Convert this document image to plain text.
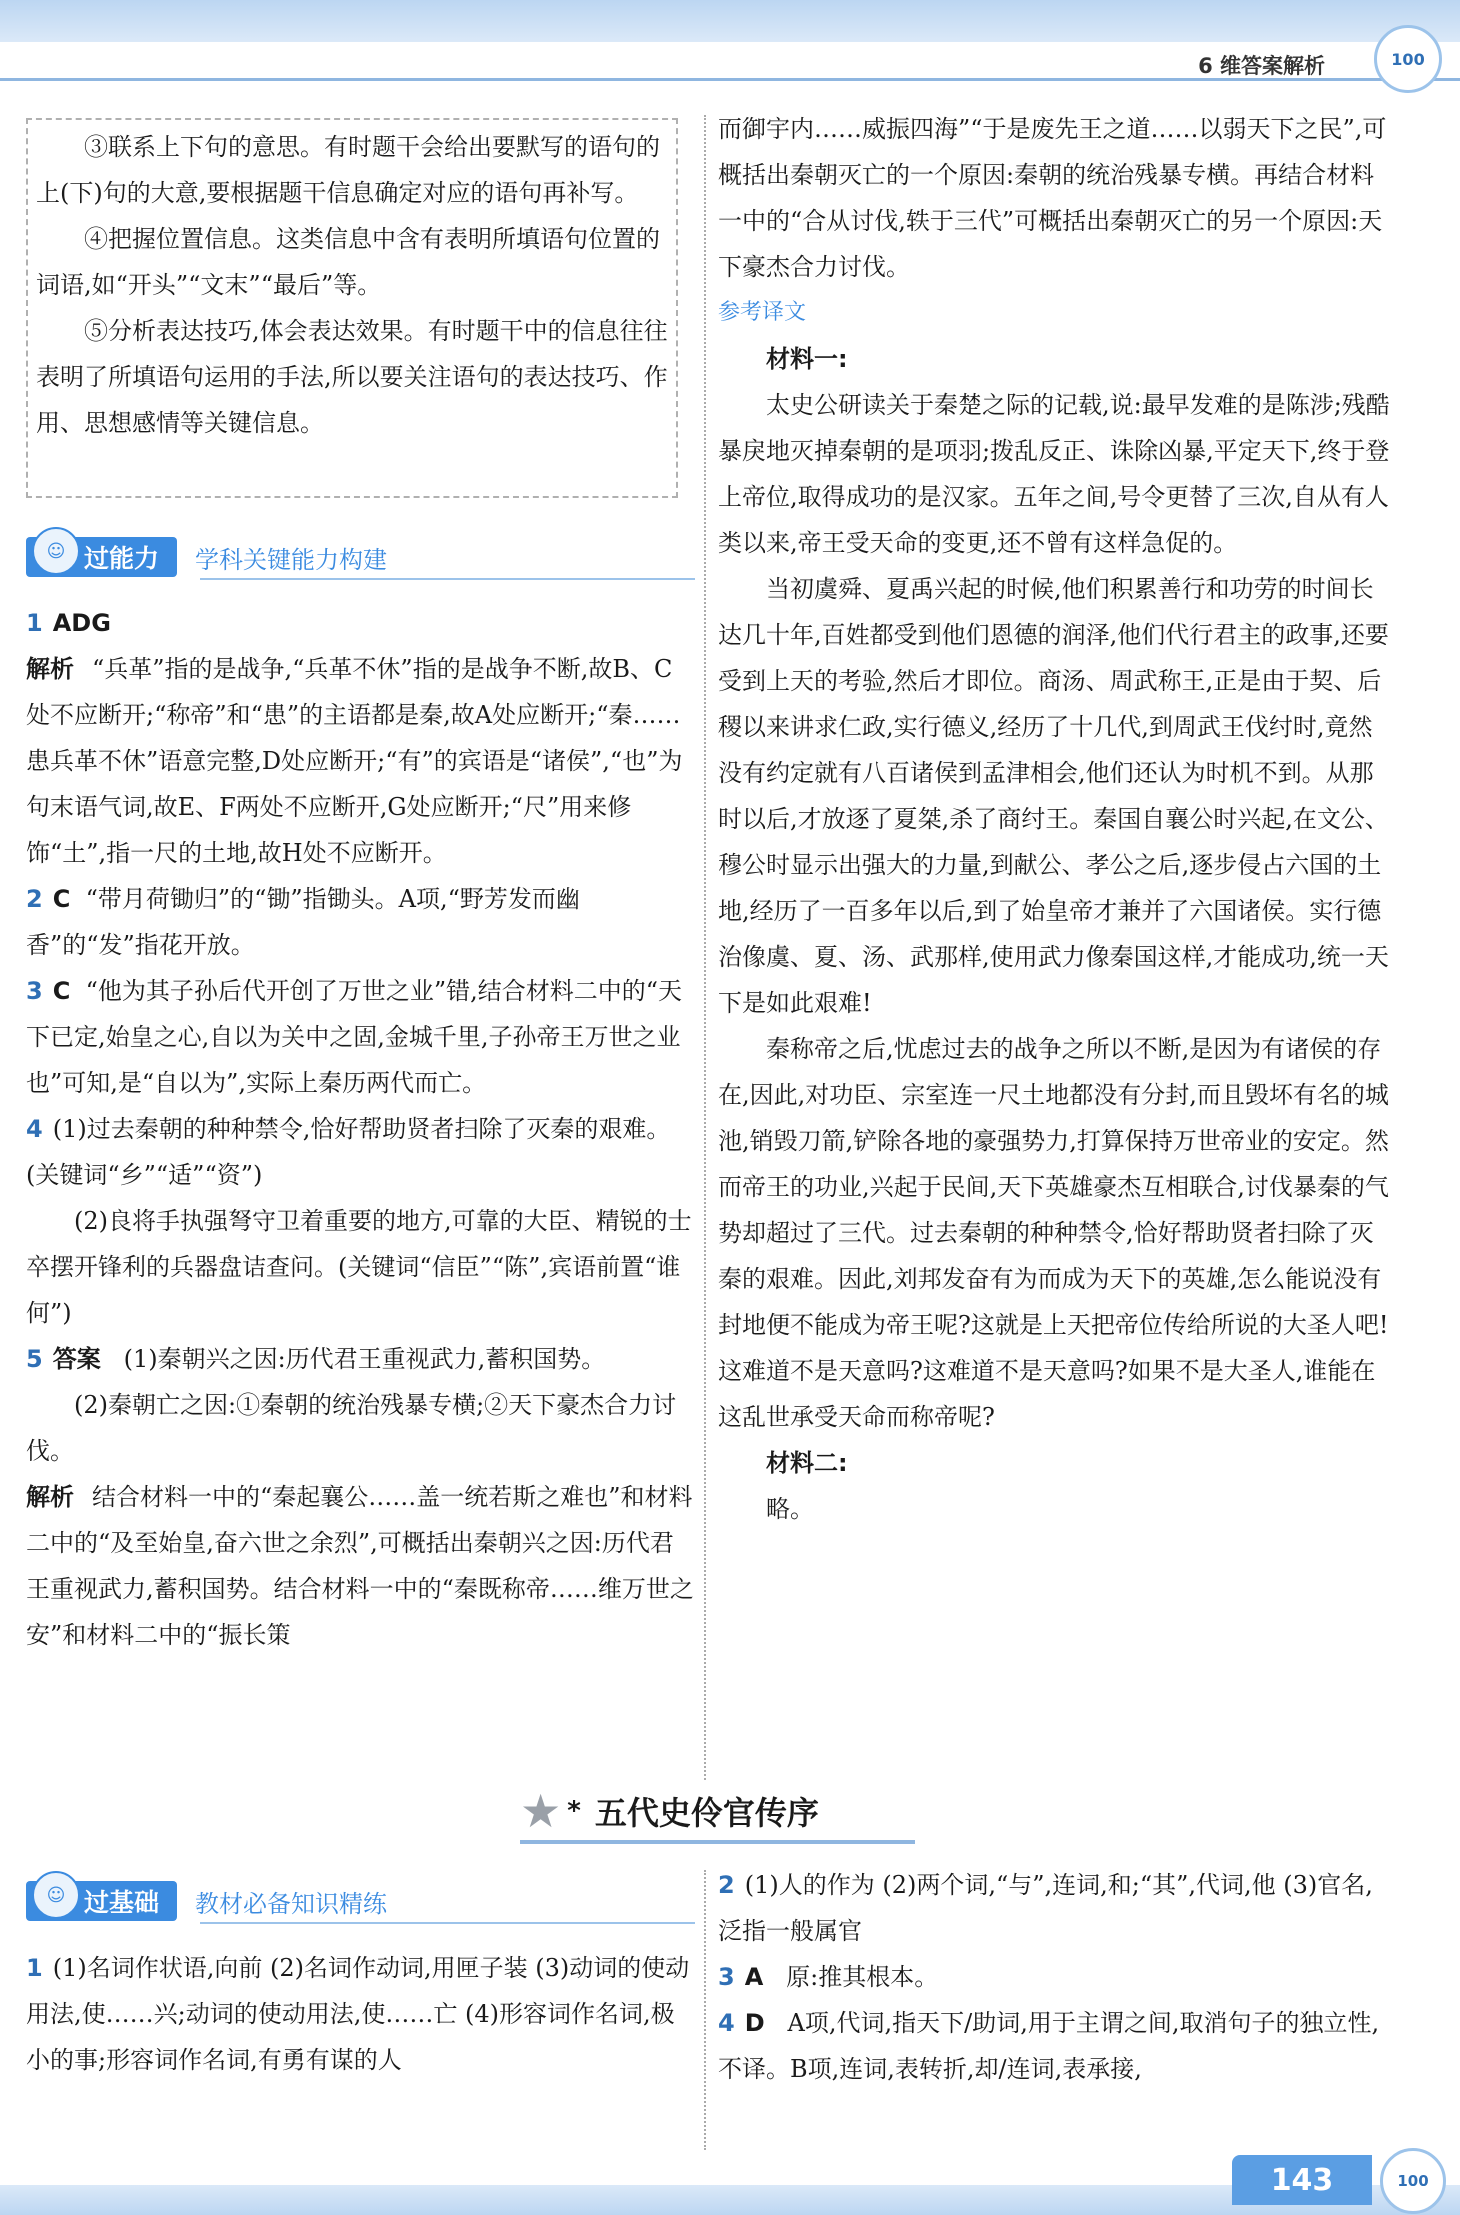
6 维答案解析	100

③联系上下句的意思。有时题干会给出要默写的语句的上(下)句的大意,要根据题干信息确定对应的语句再补写。

④把握位置信息。这类信息中含有表明所填语句位置的词语,如“开头”“文末”“最后”等。

⑤分析表达技巧,体会表达效果。有时题干中的信息往往表明了所填语句运用的手法,所以要关注语句的表达技巧、作用、思想感情等关键信息。

☺ 过能力	学科关键能力构建

1 ADG

解析 “兵革”指的是战争,“兵革不休”指的是战争不断,故B、C处不应断开;“称帝”和“患”的主语都是秦,故A处应断开;“秦……患兵革不休”语意完整,D处应断开;“有”的宾语是“诸侯”,“也”为句末语气词,故E、F两处不应断开,G处应断开;“尺”用来修饰“土”,指一尺的土地,故H处不应断开。

2 C “带月荷锄归”的“锄”指锄头。A项,“野芳发而幽香”的“发”指花开放。

3 C “他为其子孙后代开创了万世之业”错,结合材料二中的“天下已定,始皇之心,自以为关中之固,金城千里,子孙帝王万世之业也”可知,是“自以为”,实际上秦历两代而亡。

4 (1)过去秦朝的种种禁令,恰好帮助贤者扫除了灭秦的艰难。(关键词“乡”“适”“资”)

(2)良将手执强弩守卫着重要的地方,可靠的大臣、精锐的士卒摆开锋利的兵器盘诘查问。(关键词“信臣”“陈”,宾语前置“谁何”)

5 答案 (1)秦朝兴之因:历代君王重视武力,蓄积国势。

(2)秦朝亡之因:①秦朝的统治残暴专横;②天下豪杰合力讨伐。

解析 结合材料一中的“秦起襄公……盖一统若斯之难也”和材料二中的“及至始皇,奋六世之余烈”,可概括出秦朝兴之因:历代君王重视武力,蓄积国势。结合材料一中的“秦既称帝……维万世之安”和材料二中的“振长策

而御宇内……威振四海”“于是废先王之道……以弱天下之民”,可概括出秦朝灭亡的一个原因:秦朝的统治残暴专横。再结合材料一中的“合从讨伐,轶于三代”可概括出秦朝灭亡的另一个原因:天下豪杰合力讨伐。

参考译文

材料一:

太史公研读关于秦楚之际的记载,说:最早发难的是陈涉;残酷暴戾地灭掉秦朝的是项羽;拨乱反正、诛除凶暴,平定天下,终于登上帝位,取得成功的是汉家。五年之间,号令更替了三次,自从有人类以来,帝王受天命的变更,还不曾有这样急促的。

当初虞舜、夏禹兴起的时候,他们积累善行和功劳的时间长达几十年,百姓都受到他们恩德的润泽,他们代行君主的政事,还要受到上天的考验,然后才即位。商汤、周武称王,正是由于契、后稷以来讲求仁政,实行德义,经历了十几代,到周武王伐纣时,竟然没有约定就有八百诸侯到孟津相会,他们还认为时机不到。从那时以后,才放逐了夏桀,杀了商纣王。秦国自襄公时兴起,在文公、穆公时显示出强大的力量,到献公、孝公之后,逐步侵占六国的土地,经历了一百多年以后,到了始皇帝才兼并了六国诸侯。实行德治像虞、夏、汤、武那样,使用武力像秦国这样,才能成功,统一天下是如此艰难!

秦称帝之后,忧虑过去的战争之所以不断,是因为有诸侯的存在,因此,对功臣、宗室连一尺土地都没有分封,而且毁坏有名的城池,销毁刀箭,铲除各地的豪强势力,打算保持万世帝业的安定。然而帝王的功业,兴起于民间,天下英雄豪杰互相联合,讨伐暴秦的气势却超过了三代。过去秦朝的种种禁令,恰好帮助贤者扫除了灭秦的艰难。因此,刘邦发奋有为而成为天下的英雄,怎么能说没有封地便不能成为帝王呢?这就是上天把帝位传给所说的大圣人吧!这难道不是天意吗?这难道不是天意吗?如果不是大圣人,谁能在这乱世承受天命而称帝呢?

材料二:

略。

★ * 五代史伶官传序
☺ 过基础	教材必备知识精练

1 (1)名词作状语,向前 (2)名词作动词,用匣子装 (3)动词的使动用法,使……兴;动词的使动用法,使……亡 (4)形容词作名词,极小的事;形容词作名词,有勇有谋的人

2 (1)人的作为 (2)两个词,“与”,连词,和;“其”,代词,他 (3)官名,泛指一般属官

3 A 原:推其根本。

4 D A项,代词,指天下/助词,用于主谓之间,取消句子的独立性,不译。B项,连词,表转折,却/连词,表承接,

143	100
